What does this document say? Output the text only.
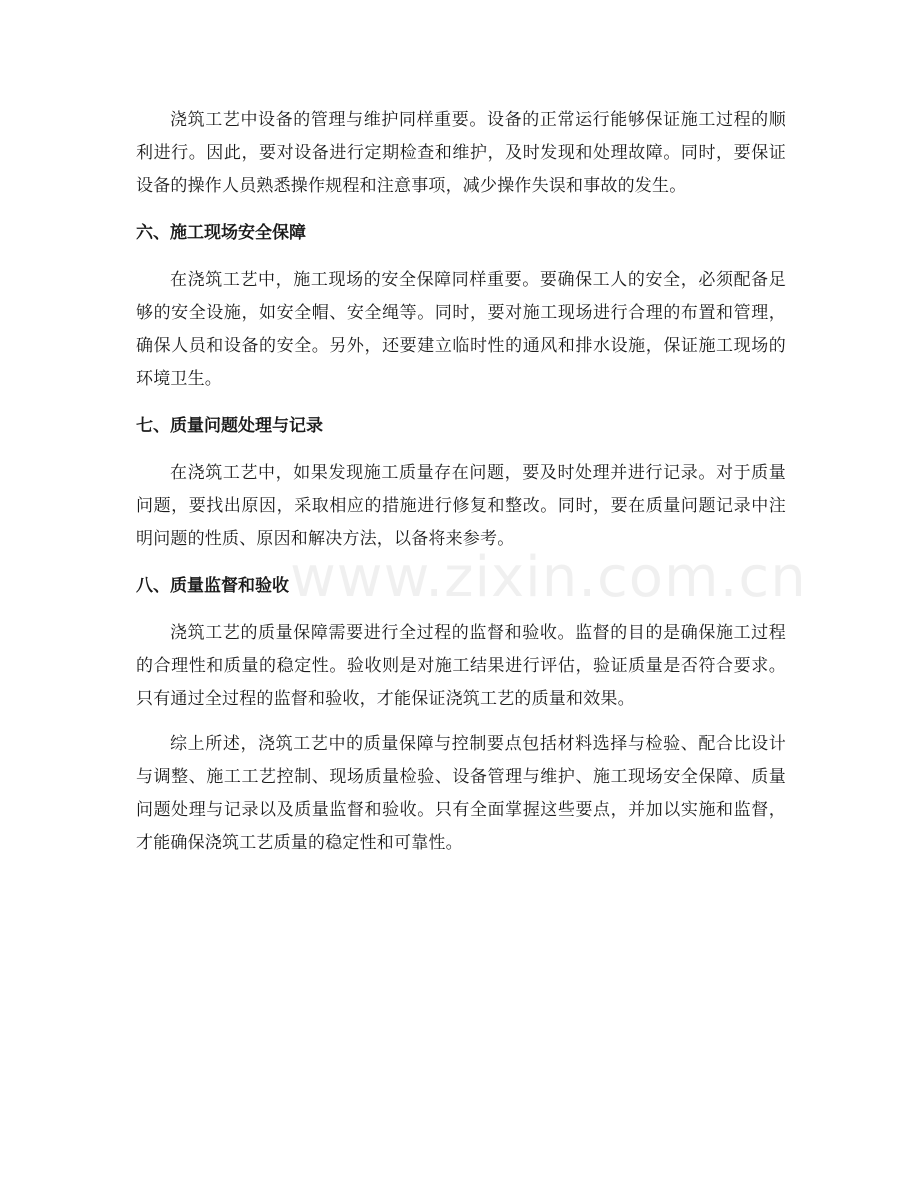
浇筑工艺中设备的管理与维护同样重要。设备的正常运行能够保证施工过程的顺利进行。因此，要对设备进行定期检查和维护，及时发现和处理故障。同时，要保证设备的操作人员熟悉操作规程和注意事项，减少操作失误和事故的发生。

六、施工现场安全保障

在浇筑工艺中，施工现场的安全保障同样重要。要确保工人的安全，必须配备足够的安全设施，如安全帽、安全绳等。同时，要对施工现场进行合理的布置和管理，确保人员和设备的安全。另外，还要建立临时性的通风和排水设施，保证施工现场的环境卫生。

七、质量问题处理与记录

在浇筑工艺中，如果发现施工质量存在问题，要及时处理并进行记录。对于质量问题，要找出原因，采取相应的措施进行修复和整改。同时，要在质量问题记录中注明问题的性质、原因和解决方法，以备将来参考。

八、质量监督和验收

浇筑工艺的质量保障需要进行全过程的监督和验收。监督的目的是确保施工过程的合理性和质量的稳定性。验收则是对施工结果进行评估，验证质量是否符合要求。只有通过全过程的监督和验收，才能保证浇筑工艺的质量和效果。

综上所述，浇筑工艺中的质量保障与控制要点包括材料选择与检验、配合比设计与调整、施工工艺控制、现场质量检验、设备管理与维护、施工现场安全保障、质量问题处理与记录以及质量监督和验收。只有全面掌握这些要点，并加以实施和监督，才能确保浇筑工艺质量的稳定性和可靠性。

www.zixin.com.cn
